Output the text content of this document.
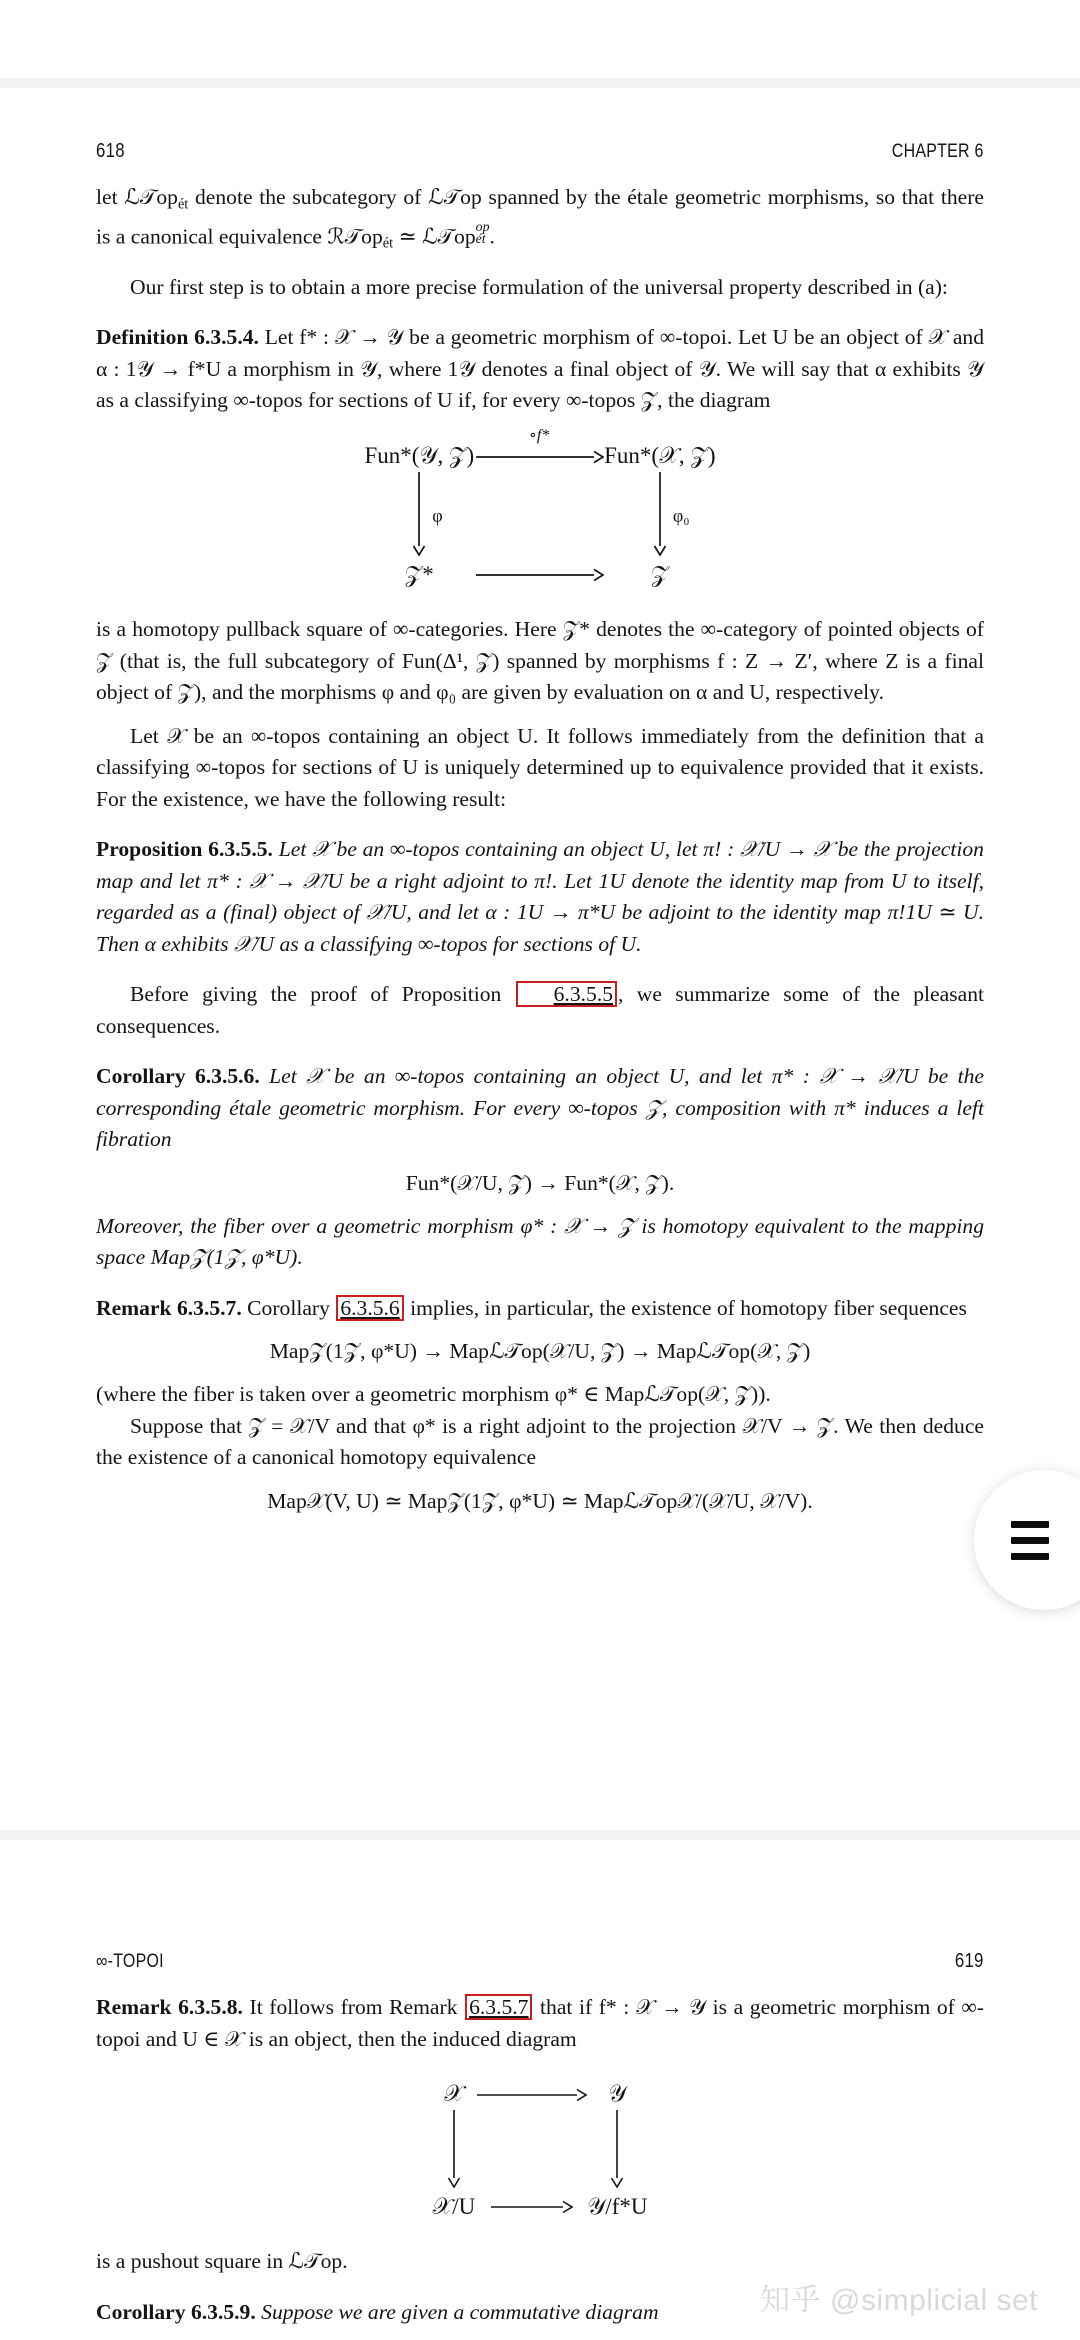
618	CHAPTER 6

let ℒ𝒯op$_{ét}$ denote the subcategory of ℒ𝒯op spanned by the étale geometric morphisms, so that there is a canonical equivalence ℛ𝒯op$_{ét}$ ≃ ℒ𝒯op op
ét .

Our first step is to obtain a more precise formulation of the universal property described in (a):

Definition 6.3.5.4. Let f* : 𝒳 → 𝒴 be a geometric morphism of ∞-topoi. Let U be an object of 𝒳 and α : 1𝒴 → f*U a morphism in 𝒴, where 1𝒴 denotes a final object of 𝒴. We will say that α exhibits 𝒴 as a classifying ∞-topos for sections of U if, for every ∞-topos 𝒵, the diagram

Fun*(𝒴, 𝒵)	∘f*	Fun*(𝒳, 𝒵)

φ		φ₀

𝒵*		𝒵

is a homotopy pullback square of ∞-categories. Here 𝒵* denotes the ∞-category of pointed objects of 𝒵 (that is, the full subcategory of Fun(Δ¹, 𝒵) spanned by morphisms f : Z → Z′, where Z is a final object of 𝒵), and the morphisms φ and φ₀ are given by evaluation on α and U, respectively.

Let 𝒳 be an ∞-topos containing an object U. It follows immediately from the definition that a classifying ∞-topos for sections of U is uniquely determined up to equivalence provided that it exists. For the existence, we have the following result:

Proposition 6.3.5.5. Let 𝒳 be an ∞-topos containing an object U, let π! : 𝒳/U → 𝒳 be the projection map and let π* : 𝒳 → 𝒳/U be a right adjoint to π!. Let 1U denote the identity map from U to itself, regarded as a (final) object of 𝒳/U, and let α : 1U → π*U be adjoint to the identity map π!1U ≃ U. Then α exhibits 𝒳/U as a classifying ∞-topos for sections of U.

Before giving the proof of Proposition 6.3.5.5 , we summarize some of the pleasant consequences.

Corollary 6.3.5.6. Let 𝒳 be an ∞-topos containing an object U, and let π* : 𝒳 → 𝒳/U be the corresponding étale geometric morphism. For every ∞-topos 𝒵, composition with π* induces a left fibration

Fun*(𝒳/U, 𝒵) → Fun*(𝒳, 𝒵).

Moreover, the fiber over a geometric morphism φ* : 𝒳 → 𝒵 is homotopy equivalent to the mapping space Map𝒵(1𝒵, φ*U).

Remark 6.3.5.7. Corollary 6.3.5.6 implies, in particular, the existence of homotopy fiber sequences

Map𝒵(1𝒵, φ*U) → Mapℒ𝒯op(𝒳/U, 𝒵) → Mapℒ𝒯op(𝒳, 𝒵)

(where the fiber is taken over a geometric morphism φ* ∈ Mapℒ𝒯op(𝒳, 𝒵)).

Suppose that 𝒵 = 𝒳/V and that φ* is a right adjoint to the projection 𝒳/V → 𝒵. We then deduce the existence of a canonical homotopy equivalence

Map𝒳(V, U) ≃ Map𝒵(1𝒵, φ*U) ≃ Mapℒ𝒯op𝒳/(𝒳/U, 𝒳/V).

∞-TOPOI	619

Remark 6.3.5.8. It follows from Remark 6.3.5.7 that if f* : 𝒳 → 𝒴 is a geometric morphism of ∞-topoi and U ∈ 𝒳 is an object, then the induced diagram

𝒳		𝒴

𝒳/U		𝒴/f*U

is a pushout square in ℒ𝒯op.

Corollary 6.3.5.9. Suppose we are given a commutative diagram	知乎 @simplicial set
